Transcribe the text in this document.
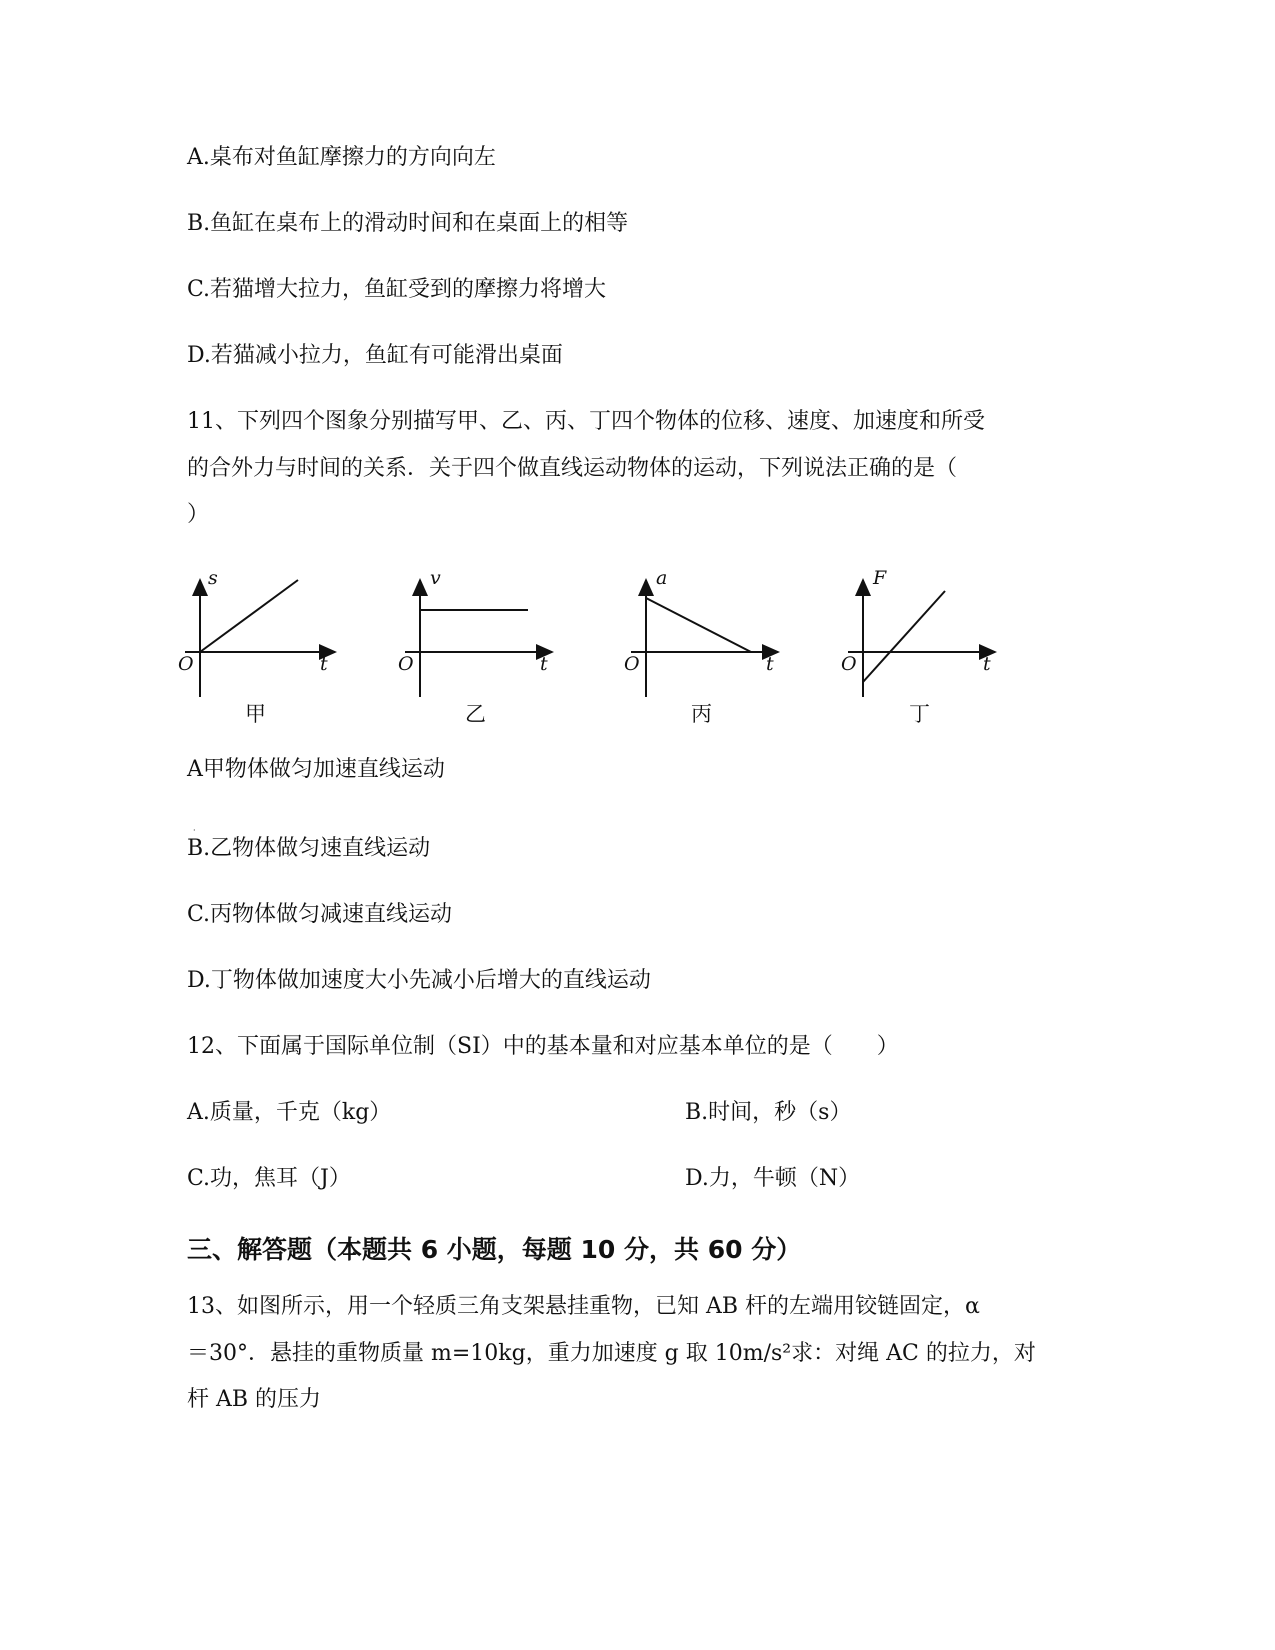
A.桌布对鱼缸摩擦力的方向向左
B.鱼缸在桌布上的滑动时间和在桌面上的相等
C.若猫增大拉力，鱼缸受到的摩擦力将增大
D.若猫减小拉力，鱼缸有可能滑出桌面
11、下列四个图象分别描写甲、乙、丙、丁四个物体的位移、速度、加速度和所受
的合外力与时间的关系．关于四个做直线运动物体的运动，下列说法正确的是（
）
s
t
O
甲
v
t
O
乙
a
t
O
丙
F
t
O
丁
A甲物体做匀加速直线运动
·
B.乙物体做匀速直线运动
C.丙物体做匀减速直线运动
D.丁物体做加速度大小先减小后增大的直线运动
12、下面属于国际单位制（SI）中的基本量和对应基本单位的是（　　）
A.质量，千克（kg）	B.时间，秒（s）
C.功，焦耳（J）	D.力，牛顿（N）
三、解答题（本题共 6 小题，每题 10 分，共 60 分）
13、如图所示，用一个轻质三角支架悬挂重物，已知 AB 杆的左端用铰链固定，α
＝30°．悬挂的重物质量 m=10kg，重力加速度 g 取 10m/s²求：对绳 AC 的拉力，对
杆 AB 的压力
